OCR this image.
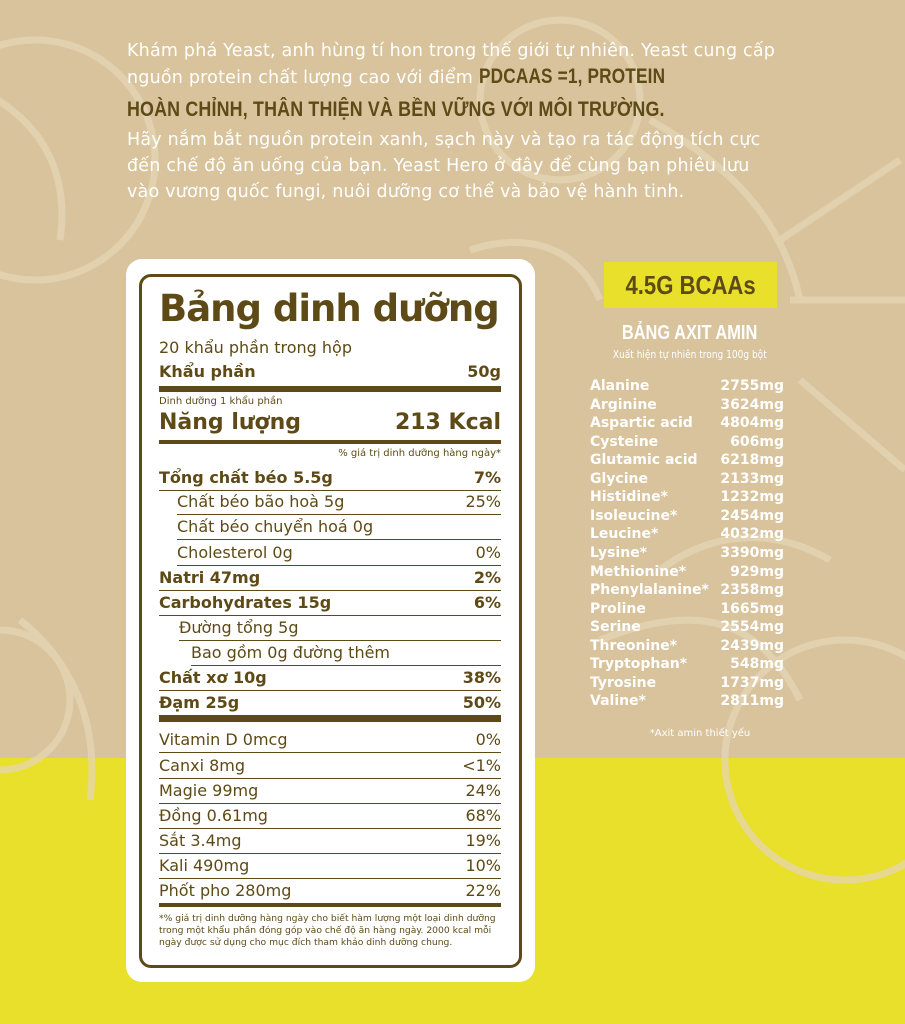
Khám phá Yeast, anh hùng tí hon trong thế giới tự nhiên. Yeast cung cấp nguồn protein chất lượng cao với điểm PDCAAS =1, PROTEIN
HOÀN CHỈNH, THÂN THIỆN VÀ BỀN VỮNG VỚI MÔI TRƯỜNG.
Hãy nắm bắt nguồn protein xanh, sạch này và tạo ra tác động tích cực đến chế độ ăn uống của bạn. Yeast Hero ở đây để cùng bạn phiêu lưu vào vương quốc fungi, nuôi dưỡng cơ thể và bảo vệ hành tinh.
Bảng dinh dưỡng
20 khẩu phần trong hộp
Khẩu phần	50g
Dinh dưỡng 1 khẩu phần
Năng lượng	213 Kcal
% giá trị dinh dưỡng hàng ngày*
Tổng chất béo 5.5g	7%
Chất béo bão hoà 5g	25%
Chất béo chuyển hoá 0g
Cholesterol 0g	0%
Natri 47mg	2%
Carbohydrates 15g	6%
Đường tổng 5g
Bao gồm 0g đường thêm
Chất xơ 10g	38%
Đạm 25g	50%
Vitamin D 0mcg	0%
Canxi 8mg	<1%
Magie 99mg	24%
Đồng 0.61mg	68%
Sắt 3.4mg	19%
Kali 490mg	10%
Phốt pho 280mg	22%
*% giá trị dinh dưỡng hàng ngày cho biết hàm lượng một loại dinh dưỡng trong một khẩu phần đóng góp vào chế độ ăn hàng ngày. 2000 kcal mỗi ngày được sử dụng cho mục đích tham khảo dinh dưỡng chung.
4.5G BCAAs
BẢNG AXIT AMIN
Xuất hiện tự nhiên trong 100g bột
Alanine	2755mg
Arginine	3624mg
Aspartic acid 4804mg
Cysteine	606mg
Glutamic acid 6218mg
Glycine	2133mg
Histidine*	1232mg
Isoleucine*	2454mg
Leucine*	4032mg
Lysine*	3390mg
Methionine*	929mg
Phenylalanine* 2358mg
Proline	1665mg
Serine	2554mg
Threonine*	2439mg
Tryptophan*	548mg
Tyrosine	1737mg
Valine*	2811mg
*Axit amin thiết yếu
